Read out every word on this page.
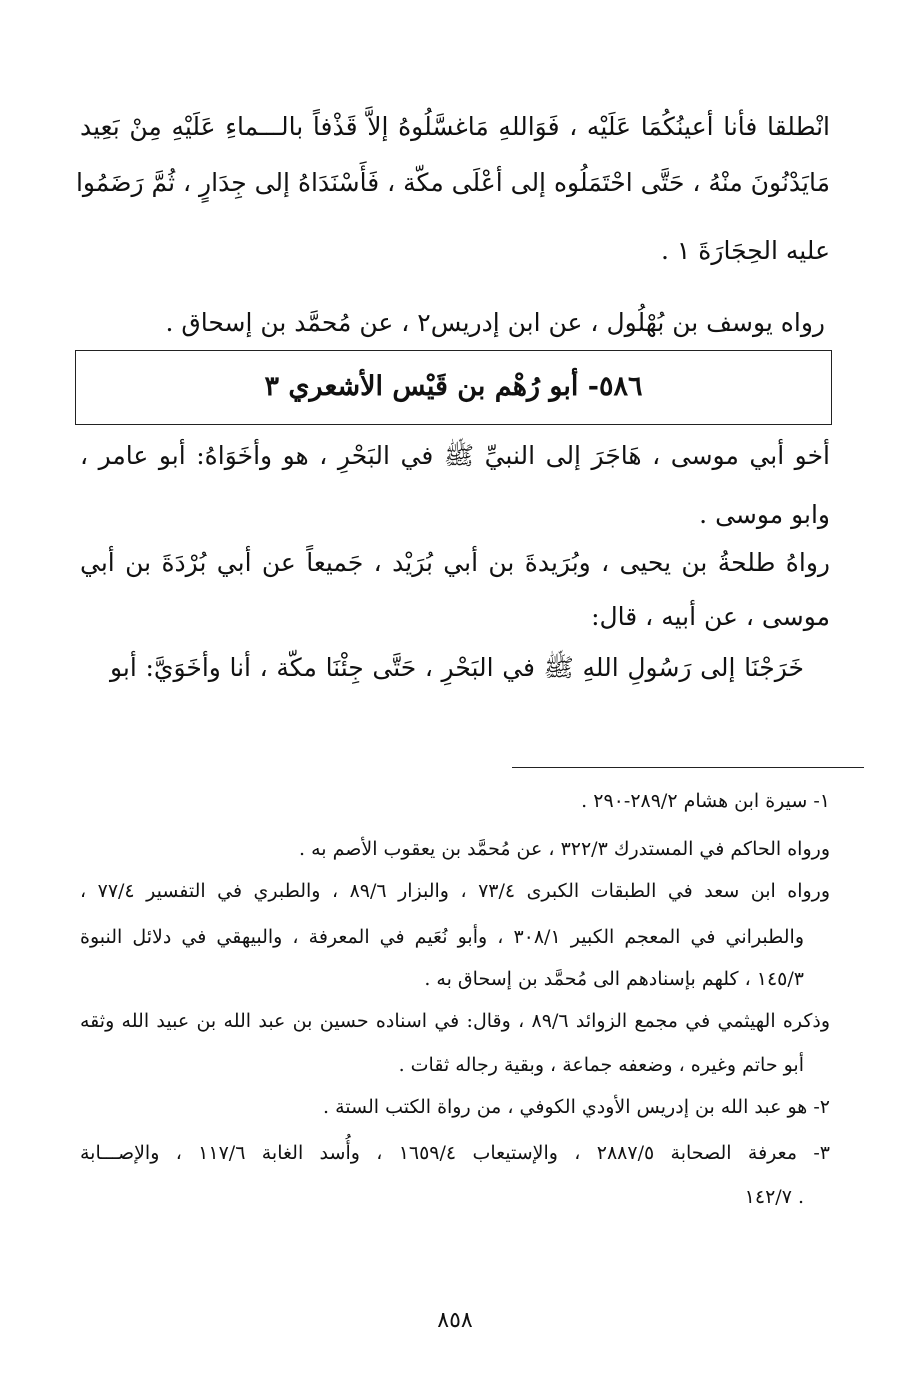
انْطلقا فأنا أعينُكُمَا عَلَيْه ، فَوَاللهِ مَاغسَّلُوهُ إلاَّ قَذْفاً بالـــماءِ عَلَيْهِ مِنْ بَعِيد
مَايَدْنُونَ منْهُ ، حَتَّى احْتَمَلُوه إلى أعْلَى مكّة ، فَأَسْنَدَاهُ إلى جِدَارٍ ، ثُمَّ رَضَمُوا
عليه الحِجَارَةَ ١ .
رواه يوسف بن بُهْلُول ، عن ابن إدريس٢ ، عن مُحمَّد بن إسحاق .
٥٨٦- أبو رُهْم بن قَيْس الأشعري ٣
أخو أبي موسى ، هَاجَرَ إلى النبيِّ ﷺ في البَحْرِ ، هو وأخَوَاهُ: أبو عامر ،
وابو موسى .
رواهُ طلحةُ بن يحيى ، وبُرَيدةَ بن أبي بُرَيْد ، جَميعاً عن أبي بُرْدَةَ بن أبي
موسى ، عن أبيه ، قال:
خَرَجْنَا إلى رَسُولِ اللهِ ﷺ في البَحْرِ ، حَتَّى جِئْنَا مكّة ، أنا وأخَوَيَّ: أبو
١- سيرة ابن هشام ٢٨٩/٢-٢٩٠ .
ورواه الحاكم في المستدرك ٣٢٢/٣ ، عن مُحمَّد بن يعقوب الأصم به .
ورواه ابن سعد في الطبقات الكبرى ٧٣/٤ ، والبزار ٨٩/٦ ، والطبري في التفسير ٧٧/٤ ،
والطبراني في المعجم الكبير ٣٠٨/١ ، وأبو نُعَيم في المعرفة ، والبيهقي في دلائل النبوة
١٤٥/٣ ، كلهم بإسنادهم الى مُحمَّد بن إسحاق به .
وذكره الهيثمي في مجمع الزوائد ٨٩/٦ ، وقال: في اسناده حسين بن عبد الله بن عبيد الله وثقه
أبو حاتم وغيره ، وضعفه جماعة ، وبقية رجاله ثقات .
٢- هو عبد الله بن إدريس الأودي الكوفي ، من رواة الكتب الستة .
٣- معرفة الصحابة ٢٨٨٧/٥ ، والإستيعاب ١٦٥٩/٤ ، وأُسد الغابة ١١٧/٦ ، والإصـــابة
. ١٤٢/٧
٨٥٨
